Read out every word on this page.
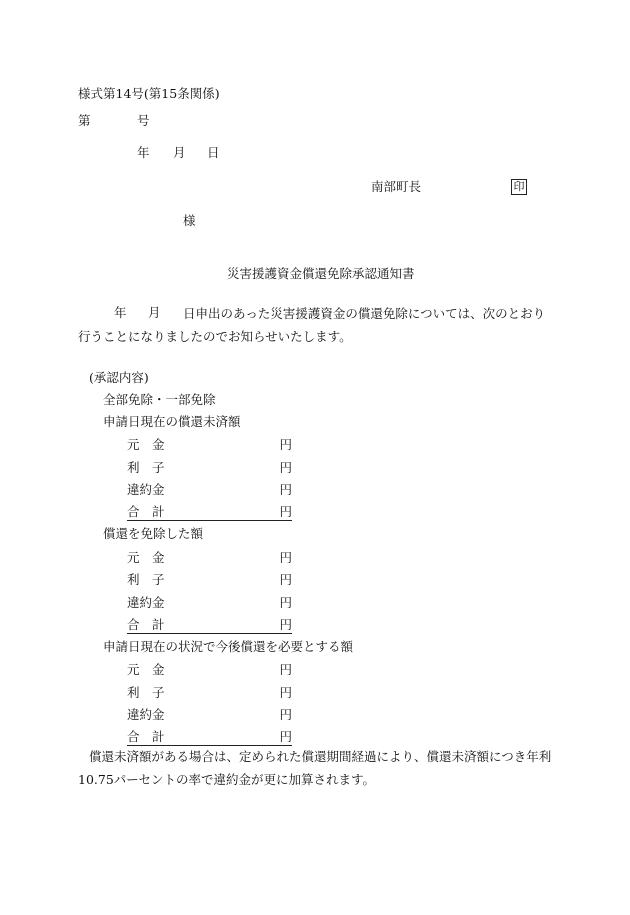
様式第14号(第15条関係)
第	号
年 月 日
南部町長	印
様
災害援護資金償還免除承認通知書
年 月	日申出のあった災害援護資金の償還免除については、次のとおり行うことになりましたのでお知らせいたします。
(承認内容)
全部免除・一部免除
申請日現在の償還未済額
元　金	円
利　子	円
違約金	円
合　計	円
償還を免除した額
元　金	円
利　子	円
違約金	円
合　計	円
申請日現在の状況で今後償還を必要とする額
元　金	円
利　子	円
違約金	円
合　計	円
償還未済額がある場合は、定められた償還期間経過により、償還未済額につき年利10.75パーセントの率で違約金が更に加算されます。
